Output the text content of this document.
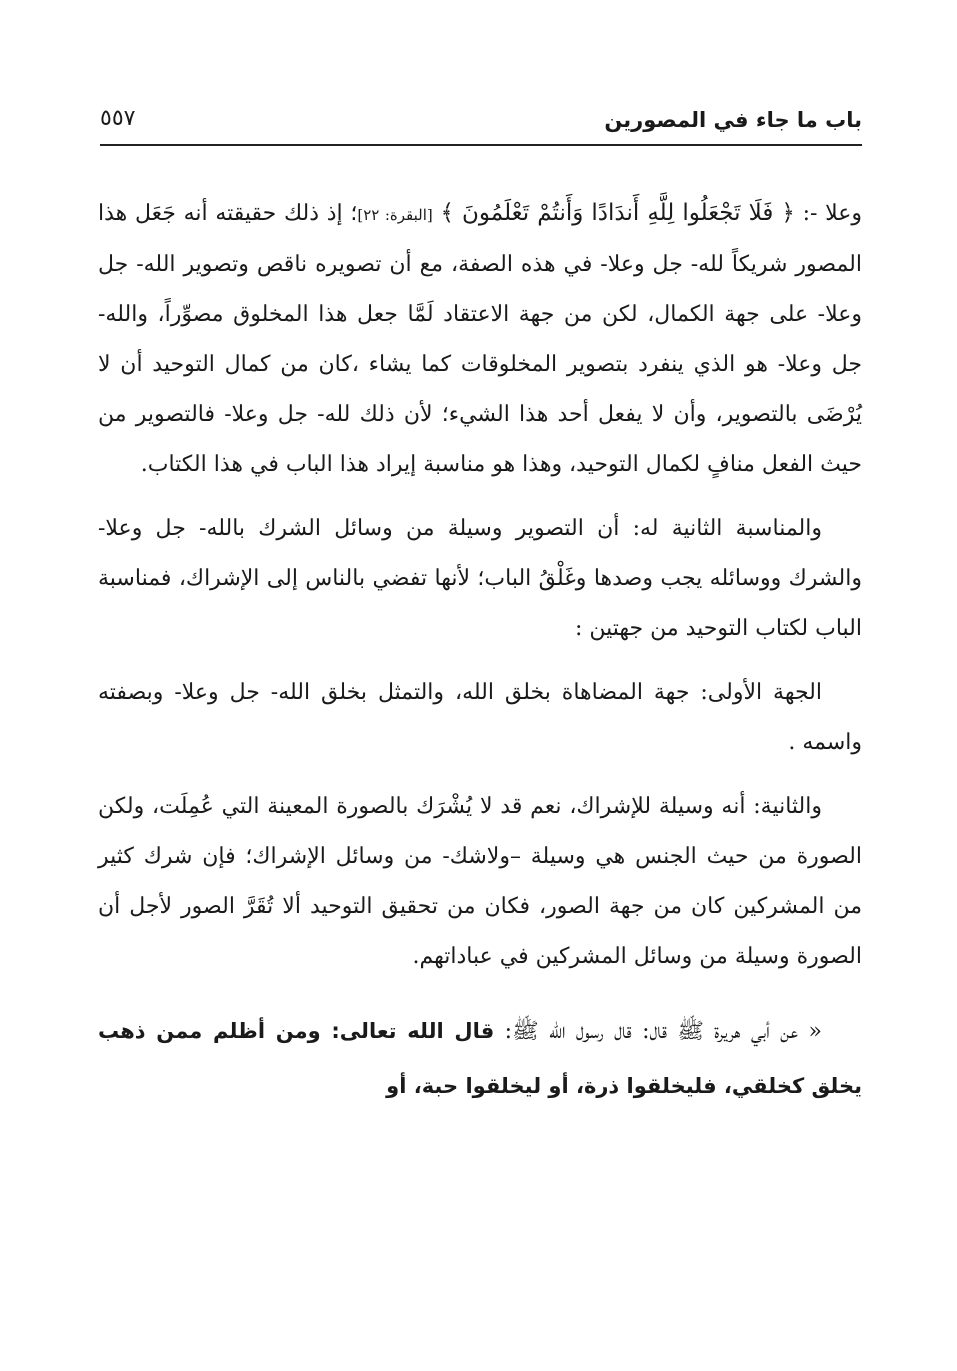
باب ما جاء في المصورين
٥٥٧

وعلا -: ﴿ فَلَا تَجْعَلُوا لِلَّهِ أَندَادًا وَأَنتُمْ تَعْلَمُونَ ﴾ [البقرة: ٢٢]؛ إذ ذلك حقيقته أنه جَعَل هذا المصور شريكاً لله- جل وعلا- في هذه الصفة، مع أن تصويره ناقص وتصوير الله- جل وعلا- على جهة الكمال، لكن من جهة الاعتقاد لَمَّا جعل هذا المخلوق مصوِّراً، والله- جل وعلا- هو الذي ينفرد بتصوير المخلوقات كما يشاء ،كان من كمال التوحيد أن لا يُرْضَى بالتصوير، وأن لا يفعل أحد هذا الشيء؛ لأن ذلك لله- جل وعلا- فالتصوير من حيث الفعل منافٍ لكمال التوحيد، وهذا هو مناسبة إيراد هذا الباب في هذا الكتاب.

والمناسبة الثانية له: أن التصوير وسيلة من وسائل الشرك بالله- جل وعلا- والشرك ووسائله يجب وصدها وغَلْقُ الباب؛ لأنها تفضي بالناس إلى الإشراك، فمناسبة الباب لكتاب التوحيد من جهتين :

الجهة الأولى: جهة المضاهاة بخلق الله، والتمثل بخلق الله- جل وعلا- وبصفته واسمه .

والثانية: أنه وسيلة للإشراك، نعم قد لا يُشْرَك بالصورة المعينة التي عُمِلَت، ولكن الصورة من حيث الجنس هي وسيلة –ولاشك- من وسائل الإشراك؛ فإن شرك كثير من المشركين كان من جهة الصور، فكان من تحقيق التوحيد ألا تُقَرَّ الصور لأجل أن الصورة وسيلة من وسائل المشركين في عباداتهم.

« عن أبي هريرة ﷺ قال: قال رسول الله ﷺ: قال الله تعالى: ومن أظلم ممن ذهب يخلق كخلقي، فليخلقوا ذرة، أو ليخلقوا حبة، أو
